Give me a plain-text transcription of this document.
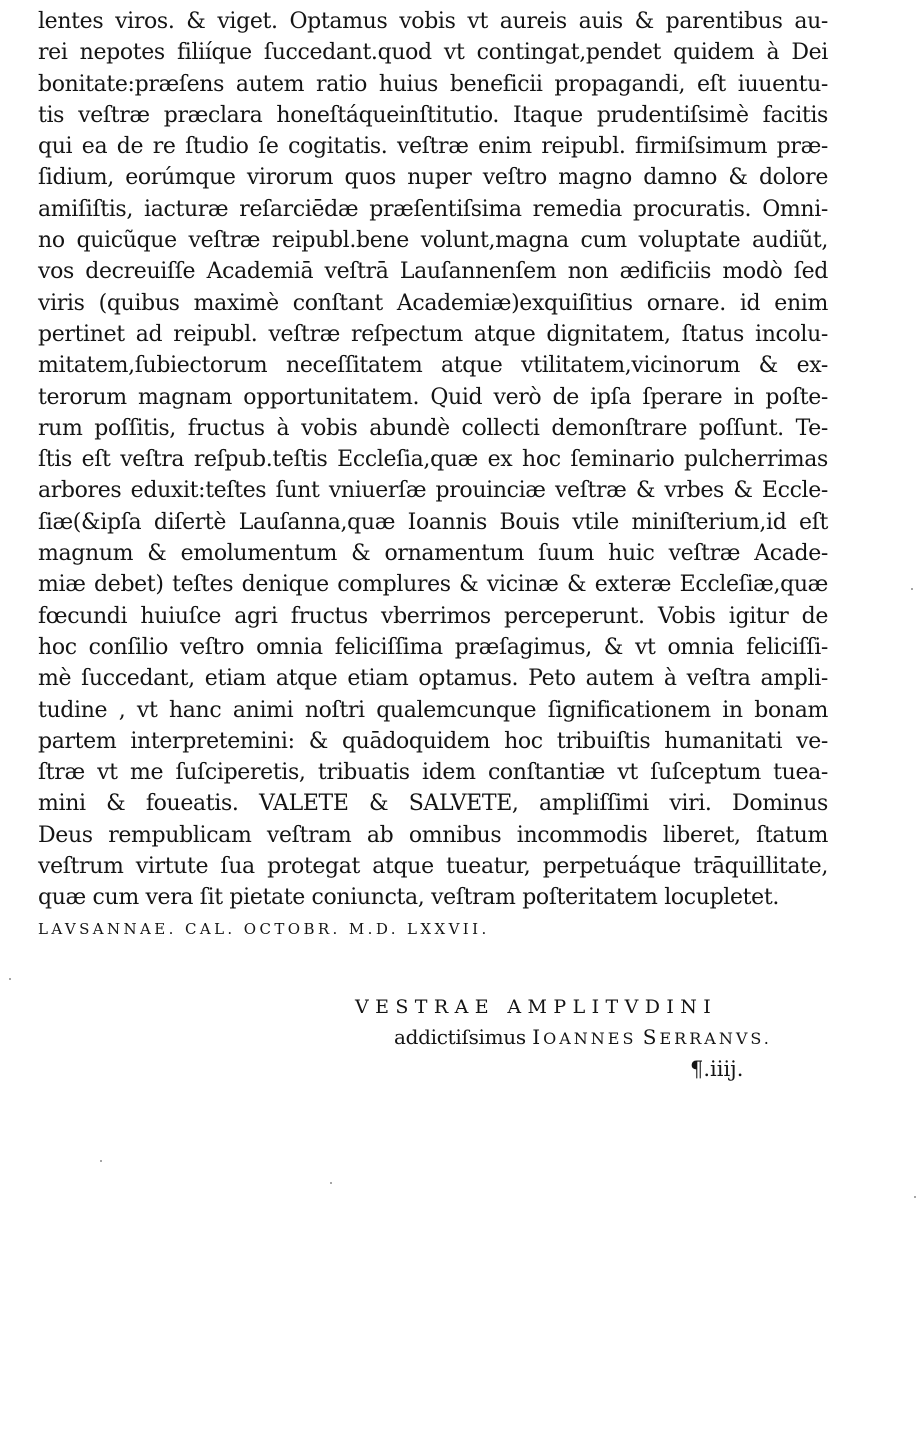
lentes viros. & viget. Optamus vobis vt aureis auis & parentibus au-
rei nepotes filiíque ſuccedant.quod vt contingat,pendet quidem à Dei
bonitate:præſens autem ratio huius beneficii propagandi, eſt iuuentu-
tis veſtræ præclara honeſtáqueinſtitutio. Itaque prudentiſsimè facitis
qui ea de re ſtudio ſe cogitatis. veſtræ enim reipubl. firmiſsimum præ-
ſidium, eorúmque virorum quos nuper veſtro magno damno & dolore
amiſiſtis, iacturæ reſarciēdæ præſentiſsima remedia procuratis. Omni-
no quicũque veſtræ reipubl.bene volunt,magna cum voluptate audiũt,
vos decreuiſſe Academiā veſtrā Lauſannenſem non ædificiis modò ſed
viris (quibus maximè conſtant Academiæ)exquiſitius ornare. id enim
pertinet ad reipubl. veſtræ reſpectum atque dignitatem, ſtatus incolu-
mitatem,ſubiectorum neceſſitatem atque vtilitatem,vicinorum & ex-
terorum magnam opportunitatem. Quid verò de ipſa ſperare in poſte-
rum poſſitis, fructus à vobis abundè collecti demonſtrare poſſunt. Te-
ſtis eſt veſtra reſpub.teſtis Eccleſia,quæ ex hoc ſeminario pulcherrimas
arbores eduxit:teſtes ſunt vniuerſæ prouinciæ veſtræ & vrbes & Eccle-
ſiæ(&ipſa diſertè Lauſanna,quæ Ioannis Bouis vtile miniſterium,id eſt
magnum & emolumentum & ornamentum ſuum huic veſtræ Acade-
miæ debet) teſtes denique complures & vicinæ & exteræ Eccleſiæ,quæ
fœcundi huiuſce agri fructus vberrimos perceperunt. Vobis igitur de
hoc conſilio veſtro omnia feliciſſima præſagimus, & vt omnia feliciſſi-
mè ſuccedant, etiam atque etiam optamus. Peto autem à veſtra ampli-
tudine , vt hanc animi noſtri qualemcunque ſignificationem in bonam
partem interpretemini: & quādoquidem hoc tribuiſtis humanitati ve-
ſtræ vt me ſuſciperetis, tribuatis idem conſtantiæ vt ſuſceptum tuea-
mini & foueatis. VALETE & SALVETE, ampliſſimi viri. Dominus
Deus rempublicam veſtram ab omnibus incommodis liberet, ſtatum
veſtrum virtute ſua protegat atque tueatur, perpetuáque trāquillitate,
quæ cum vera ſit pietate coniuncta, veſtram poſteritatem locupletet.
LAVSANNAE. CAL. OCTOBR. M.D. LXXVII.
VESTRAE AMPLITVDINI
addictiſsimus IOANNES SERRANVS.
¶.iiij.
